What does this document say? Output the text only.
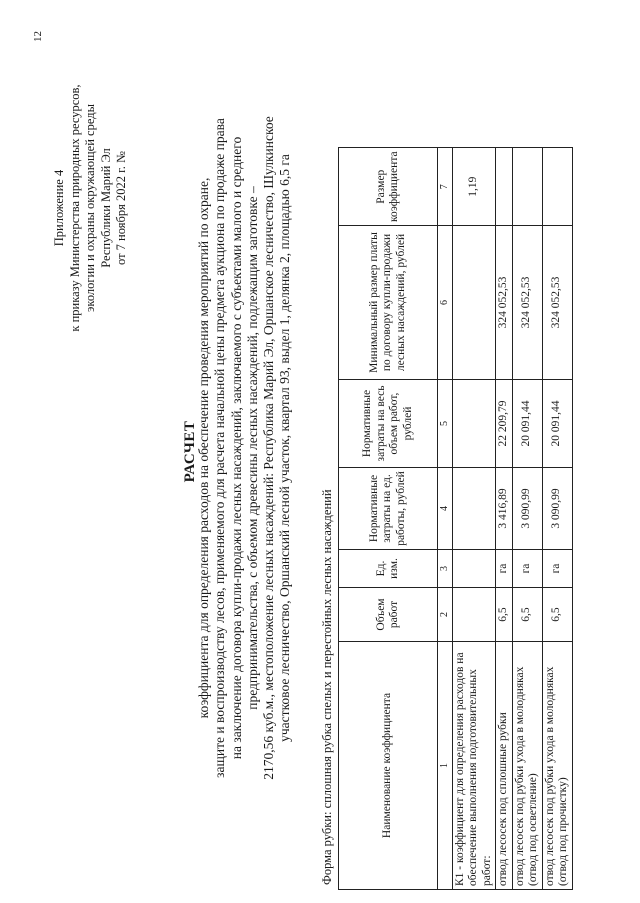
12
Приложение 4 к приказу Министерства природных ресурсов, экологии и охраны окружающей среды Республики Марий Эл от 7 ноября 2022 г. №
РАСЧЕТ
коэффициента для определения расходов на обеспечение проведения мероприятий по охране, защите и воспроизводству лесов, применяемого для расчета начальной цены предмета аукциона по продаже права на заключение договора купли-продажи лесных насаждений, заключаемого с субъектами малого и среднего предпринимательства, с объемом древесины лесных насаждений, подлежащим заготовке – 2170,56 куб.м., местоположение лесных насаждений: Республика Марий Эл, Оршанское лесничество, Шулкинское участковое лесничество, Оршанский лесной участок, квартал 93, выдел 1, делянка 2, площадью 6,5 га Форма рубки: сплошная рубка спелых и перестойных лесных насаждений	Наименование коэффициента	Объем работ	Ед. изм.	Нормативные затраты на ед. работы, рублей	Нормативные затраты на весь объем работ, рублей	Минимальный размер платы по договору купли-продажи лесных насаждений, рублей	Размер коэффициента
1	2	3	4	5	6	7
К1 - коэффициент для определения расходов на обеспечение выполнения подготовительных работ:						1,19
отвод лесосек под сплошные рубки	6,5	га	3 416,89	22 209,79	324 052,53	
отвод лесосек под рубки ухода в молодняках (отвод под осветление)	6,5	га	3 090,99	20 091,44	324 052,53	
отвод лесосек под рубки ухода в молодняках (отвод под прочистку)	6,5	га	3 090,99	20 091,44	324 052,53	
